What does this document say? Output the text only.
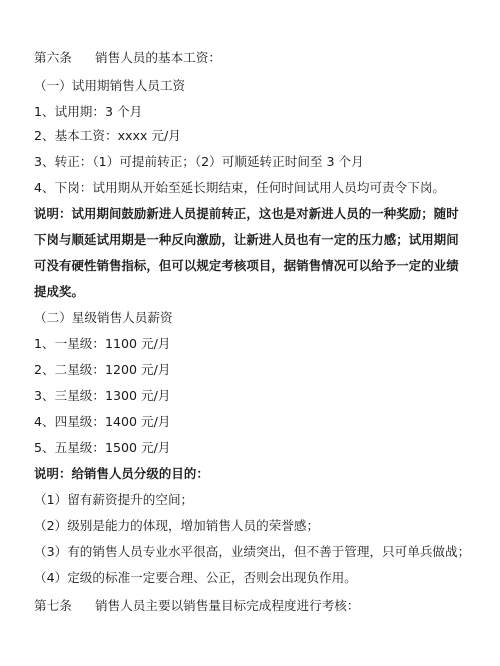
第六条 销售人员的基本工资：
（一）试用期销售人员工资
1、试用期：3 个月
2、基本工资：xxxx 元/月
3、转正：（1）可提前转正；（2）可顺延转正时间至 3 个月
4、下岗：试用期从开始至延长期结束，任何时间试用人员均可责令下岗。
说明：试用期间鼓励新进人员提前转正，这也是对新进人员的一种奖励；随时
下岗与顺延试用期是一种反向激励，让新进人员也有一定的压力感；试用期间
可没有硬性销售指标，但可以规定考核项目，据销售情况可以给予一定的业绩
提成奖。
（二）星级销售人员薪资
1、一星级：1100 元/月
2、二星级：1200 元/月
3、三星级：1300 元/月
4、四星级：1400 元/月
5、五星级：1500 元/月
说明：给销售人员分级的目的：
（1）留有薪资提升的空间；
（2）级别是能力的体现，增加销售人员的荣誉感；
（3）有的销售人员专业水平很高，业绩突出，但不善于管理，只可单兵做战；
（4）定级的标准一定要合理、公正，否则会出现负作用。
第七条 销售人员主要以销售量目标完成程度进行考核：
